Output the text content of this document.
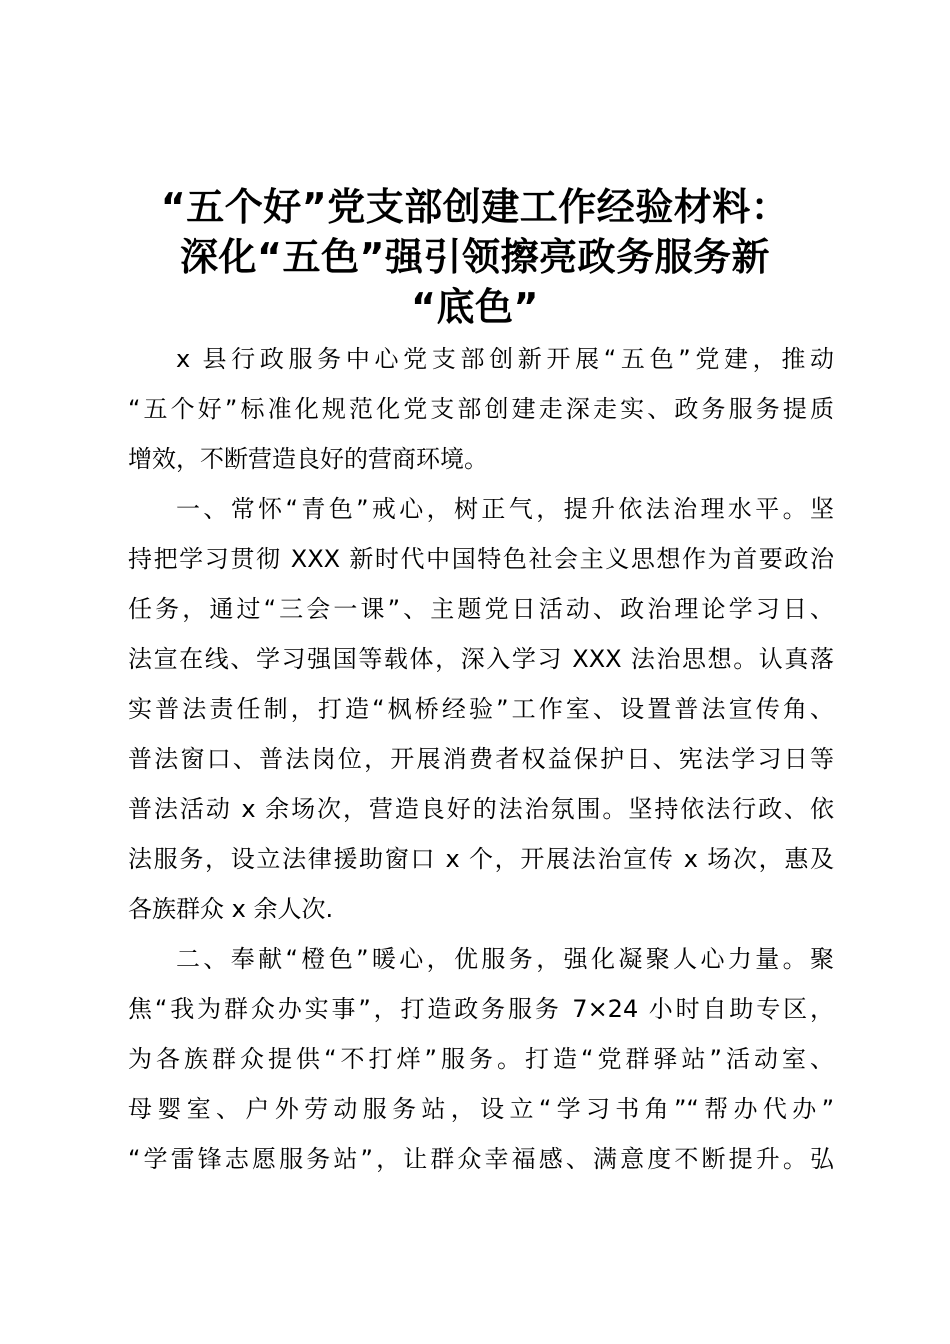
“五个好”党支部创建工作经验材料：
深化“五色”强引领擦亮政务服务新
“底色”
x 县行政服务中心党支部创新开展“五色”党建，推动
“五个好”标准化规范化党支部创建走深走实、政务服务提质
增效，不断营造良好的营商环境。
一、常怀“青色”戒心，树正气，提升依法治理水平。坚
持把学习贯彻 XXX 新时代中国特色社会主义思想作为首要政治
任务，通过“三会一课”、主题党日活动、政治理论学习日、
法宣在线、学习强国等载体，深入学习 XXX 法治思想。认真落
实普法责任制，打造“枫桥经验”工作室、设置普法宣传角、
普法窗口、普法岗位，开展消费者权益保护日、宪法学习日等
普法活动 x 余场次，营造良好的法治氛围。坚持依法行政、依
法服务，设立法律援助窗口 x 个，开展法治宣传 x 场次，惠及
各族群众 x 余人次.
二、奉献“橙色”暖心，优服务，强化凝聚人心力量。聚
焦“我为群众办实事”，打造政务服务 7×24 小时自助专区，
为各族群众提供“不打烊”服务。打造“党群驿站”活动室、
母婴室、户外劳动服务站，设立“学习书角”“帮办代办”
“学雷锋志愿服务站”，让群众幸福感、满意度不断提升。弘
